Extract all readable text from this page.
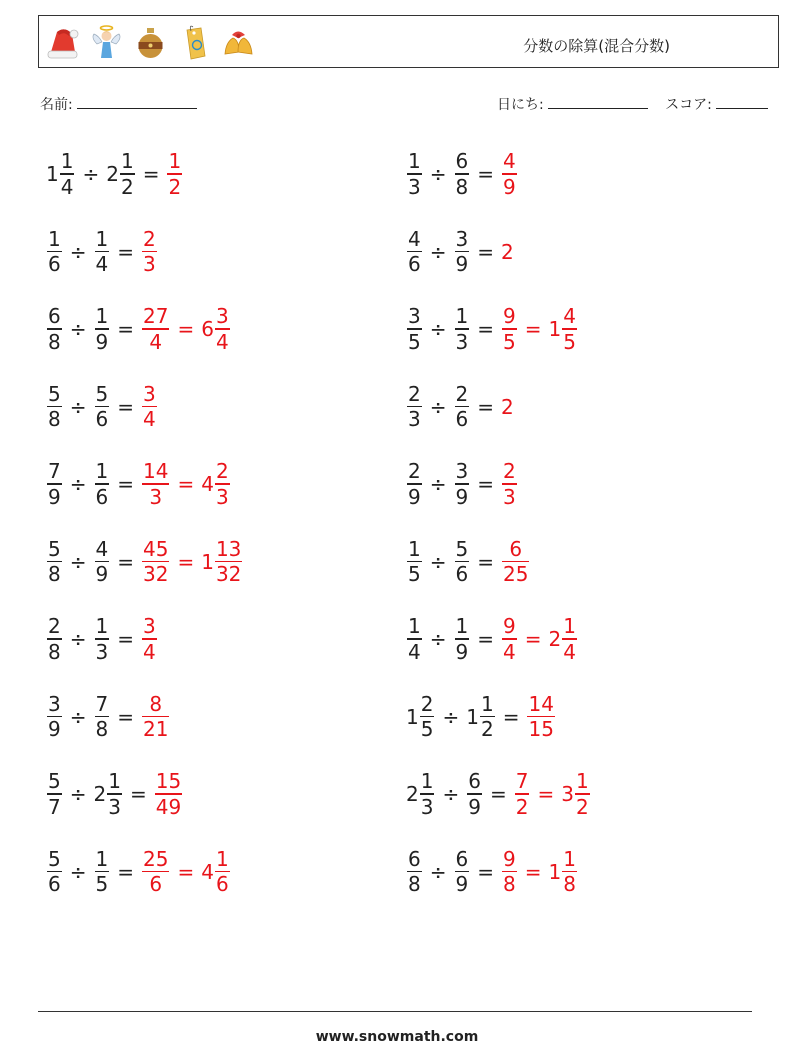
分数の除算(混合分数)
名前:	日にち:	スコア:
$1 \frac{1}{4} \div 2 \frac{1}{2} = \frac{1}{2}$	$\frac{1}{3} \div \frac{6}{8} = \frac{4}{9}$
$\frac{1}{6} \div \frac{1}{4} = \frac{2}{3}$	$\frac{4}{6} \div \frac{3}{9} = 2$
$\frac{6}{8} \div \frac{1}{9} = \frac{27}{4} = 6 \frac{3}{4}$	$\frac{3}{5} \div \frac{1}{3} = \frac{9}{5} = 1 \frac{4}{5}$
$\frac{5}{8} \div \frac{5}{6} = \frac{3}{4}$	$\frac{2}{3} \div \frac{2}{6} = 2$
$\frac{7}{9} \div \frac{1}{6} = \frac{14}{3} = 4 \frac{2}{3}$	$\frac{2}{9} \div \frac{3}{9} = \frac{2}{3}$
$\frac{5}{8} \div \frac{4}{9} = \frac{45}{32} = 1 \frac{13}{32}$	$\frac{1}{5} \div \frac{5}{6} = \frac{6}{25}$
$\frac{2}{8} \div \frac{1}{3} = \frac{3}{4}$	$\frac{1}{4} \div \frac{1}{9} = \frac{9}{4} = 2 \frac{1}{4}$
$\frac{3}{9} \div \frac{7}{8} = \frac{8}{21}$	$1 \frac{2}{5} \div 1 \frac{1}{2} = \frac{14}{15}$
$\frac{5}{7} \div 2 \frac{1}{3} = \frac{15}{49}$	$2 \frac{1}{3} \div \frac{6}{9} = \frac{7}{2} = 3 \frac{1}{2}$
$\frac{5}{6} \div \frac{1}{5} = \frac{25}{6} = 4 \frac{1}{6}$	$\frac{6}{8} \div \frac{6}{9} = \frac{9}{8} = 1 \frac{1}{8}$
www.snowmath.com
